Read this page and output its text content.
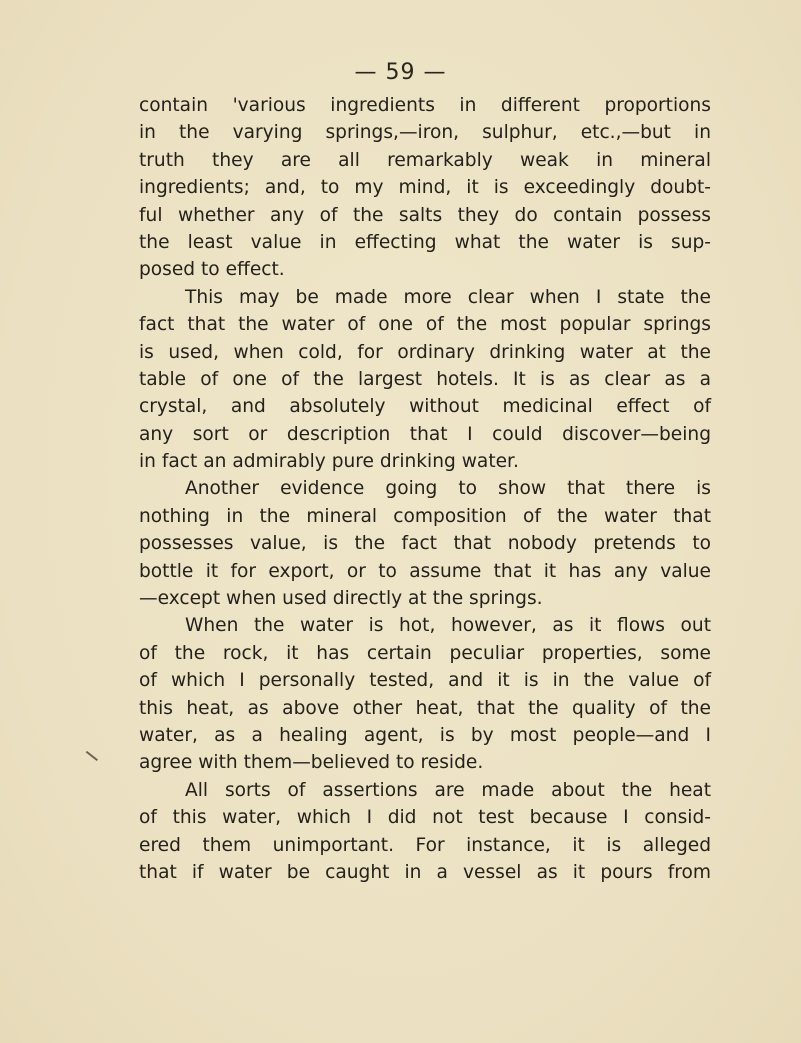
— 59 —
contain 'various ingredients in different proportions
in the varying springs,—iron, sulphur, etc.,—but in
truth they are all remarkably weak in mineral
ingredients; and, to my mind, it is exceedingly doubt-
ful whether any of the salts they do contain possess
the least value in effecting what the water is sup-
posed to effect.
This may be made more clear when I state the
fact that the water of one of the most popular springs
is used, when cold, for ordinary drinking water at the
table of one of the largest hotels. It is as clear as a
crystal, and absolutely without medicinal effect of
any sort or description that I could discover—being
in fact an admirably pure drinking water.
Another evidence going to show that there is
nothing in the mineral composition of the water that
possesses value, is the fact that nobody pretends to
bottle it for export, or to assume that it has any value
—except when used directly at the springs.
When the water is hot, however, as it flows out
of the rock, it has certain peculiar properties, some
of which I personally tested, and it is in the value of
this heat, as above other heat, that the quality of the
water, as a healing agent, is by most people—and I
agree with them—believed to reside.
All sorts of assertions are made about the heat
of this water, which I did not test because I consid-
ered them unimportant. For instance, it is alleged
that if water be caught in a vessel as it pours from
